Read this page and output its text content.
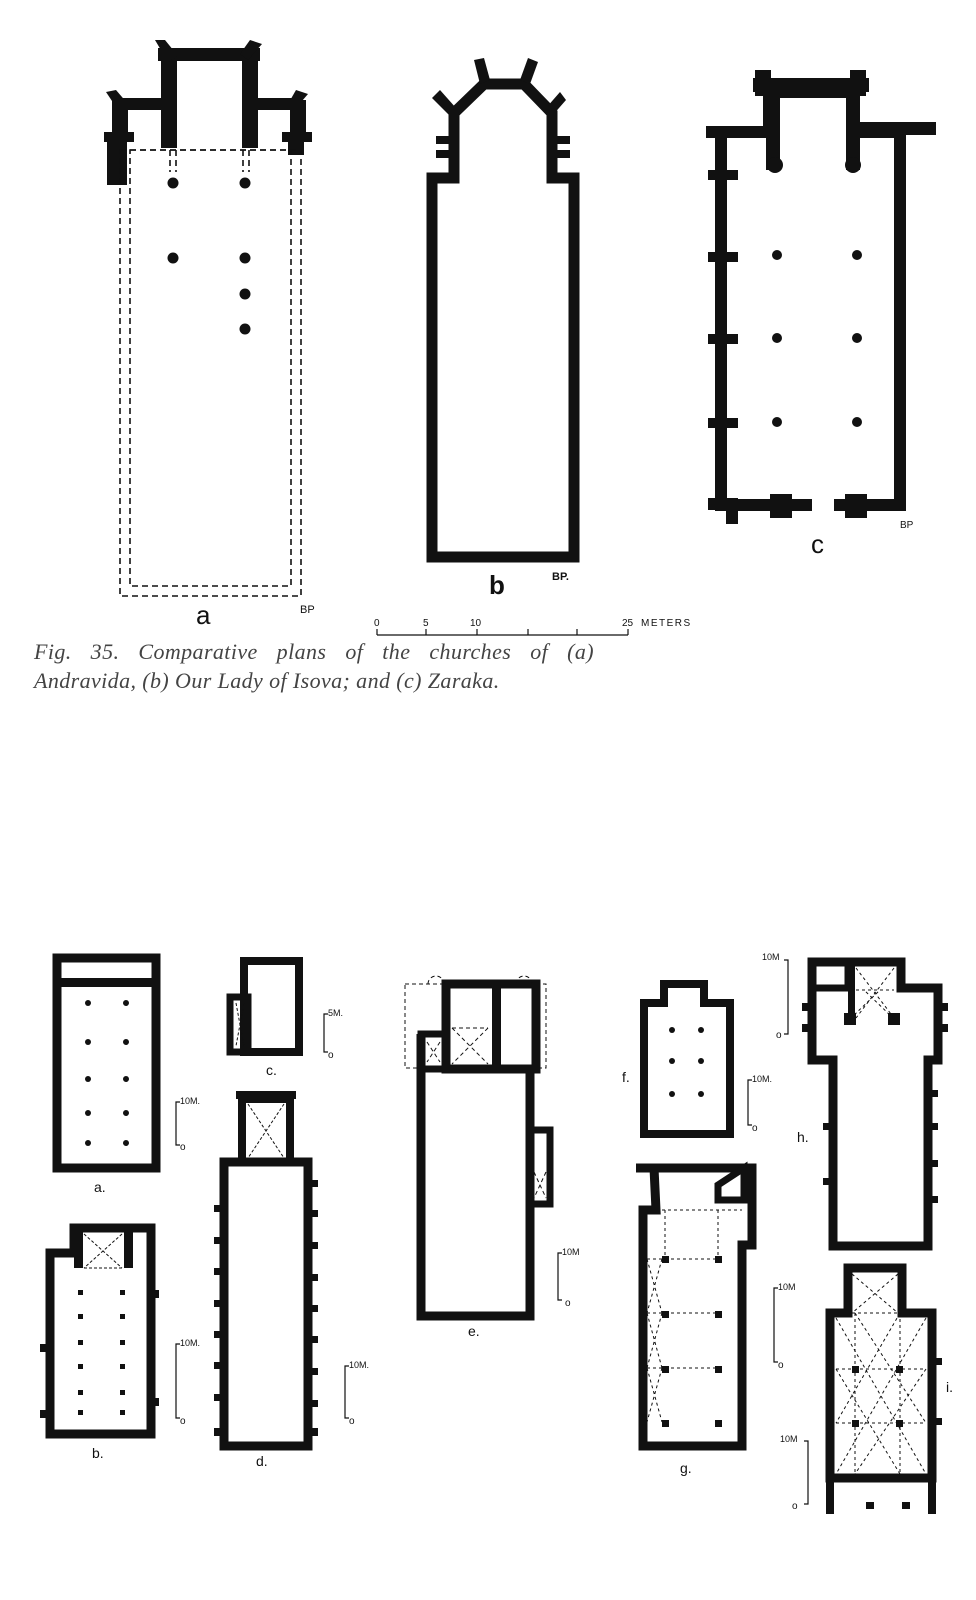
a	BP
b	BP.
c
BP
0	5	10	25 METERS
a.
10M.
o
c.
5M.
o
b.
10M.
o
d.
10M.
o
e.
10M
o
f.	10M.
o
g.
10M
o
h.
10M
o
i.
10M
o
Fig. 35. Comparative plans of the churches of (a) Andravida, (b) Our Lady of Isova; and (c) Zaraka.
